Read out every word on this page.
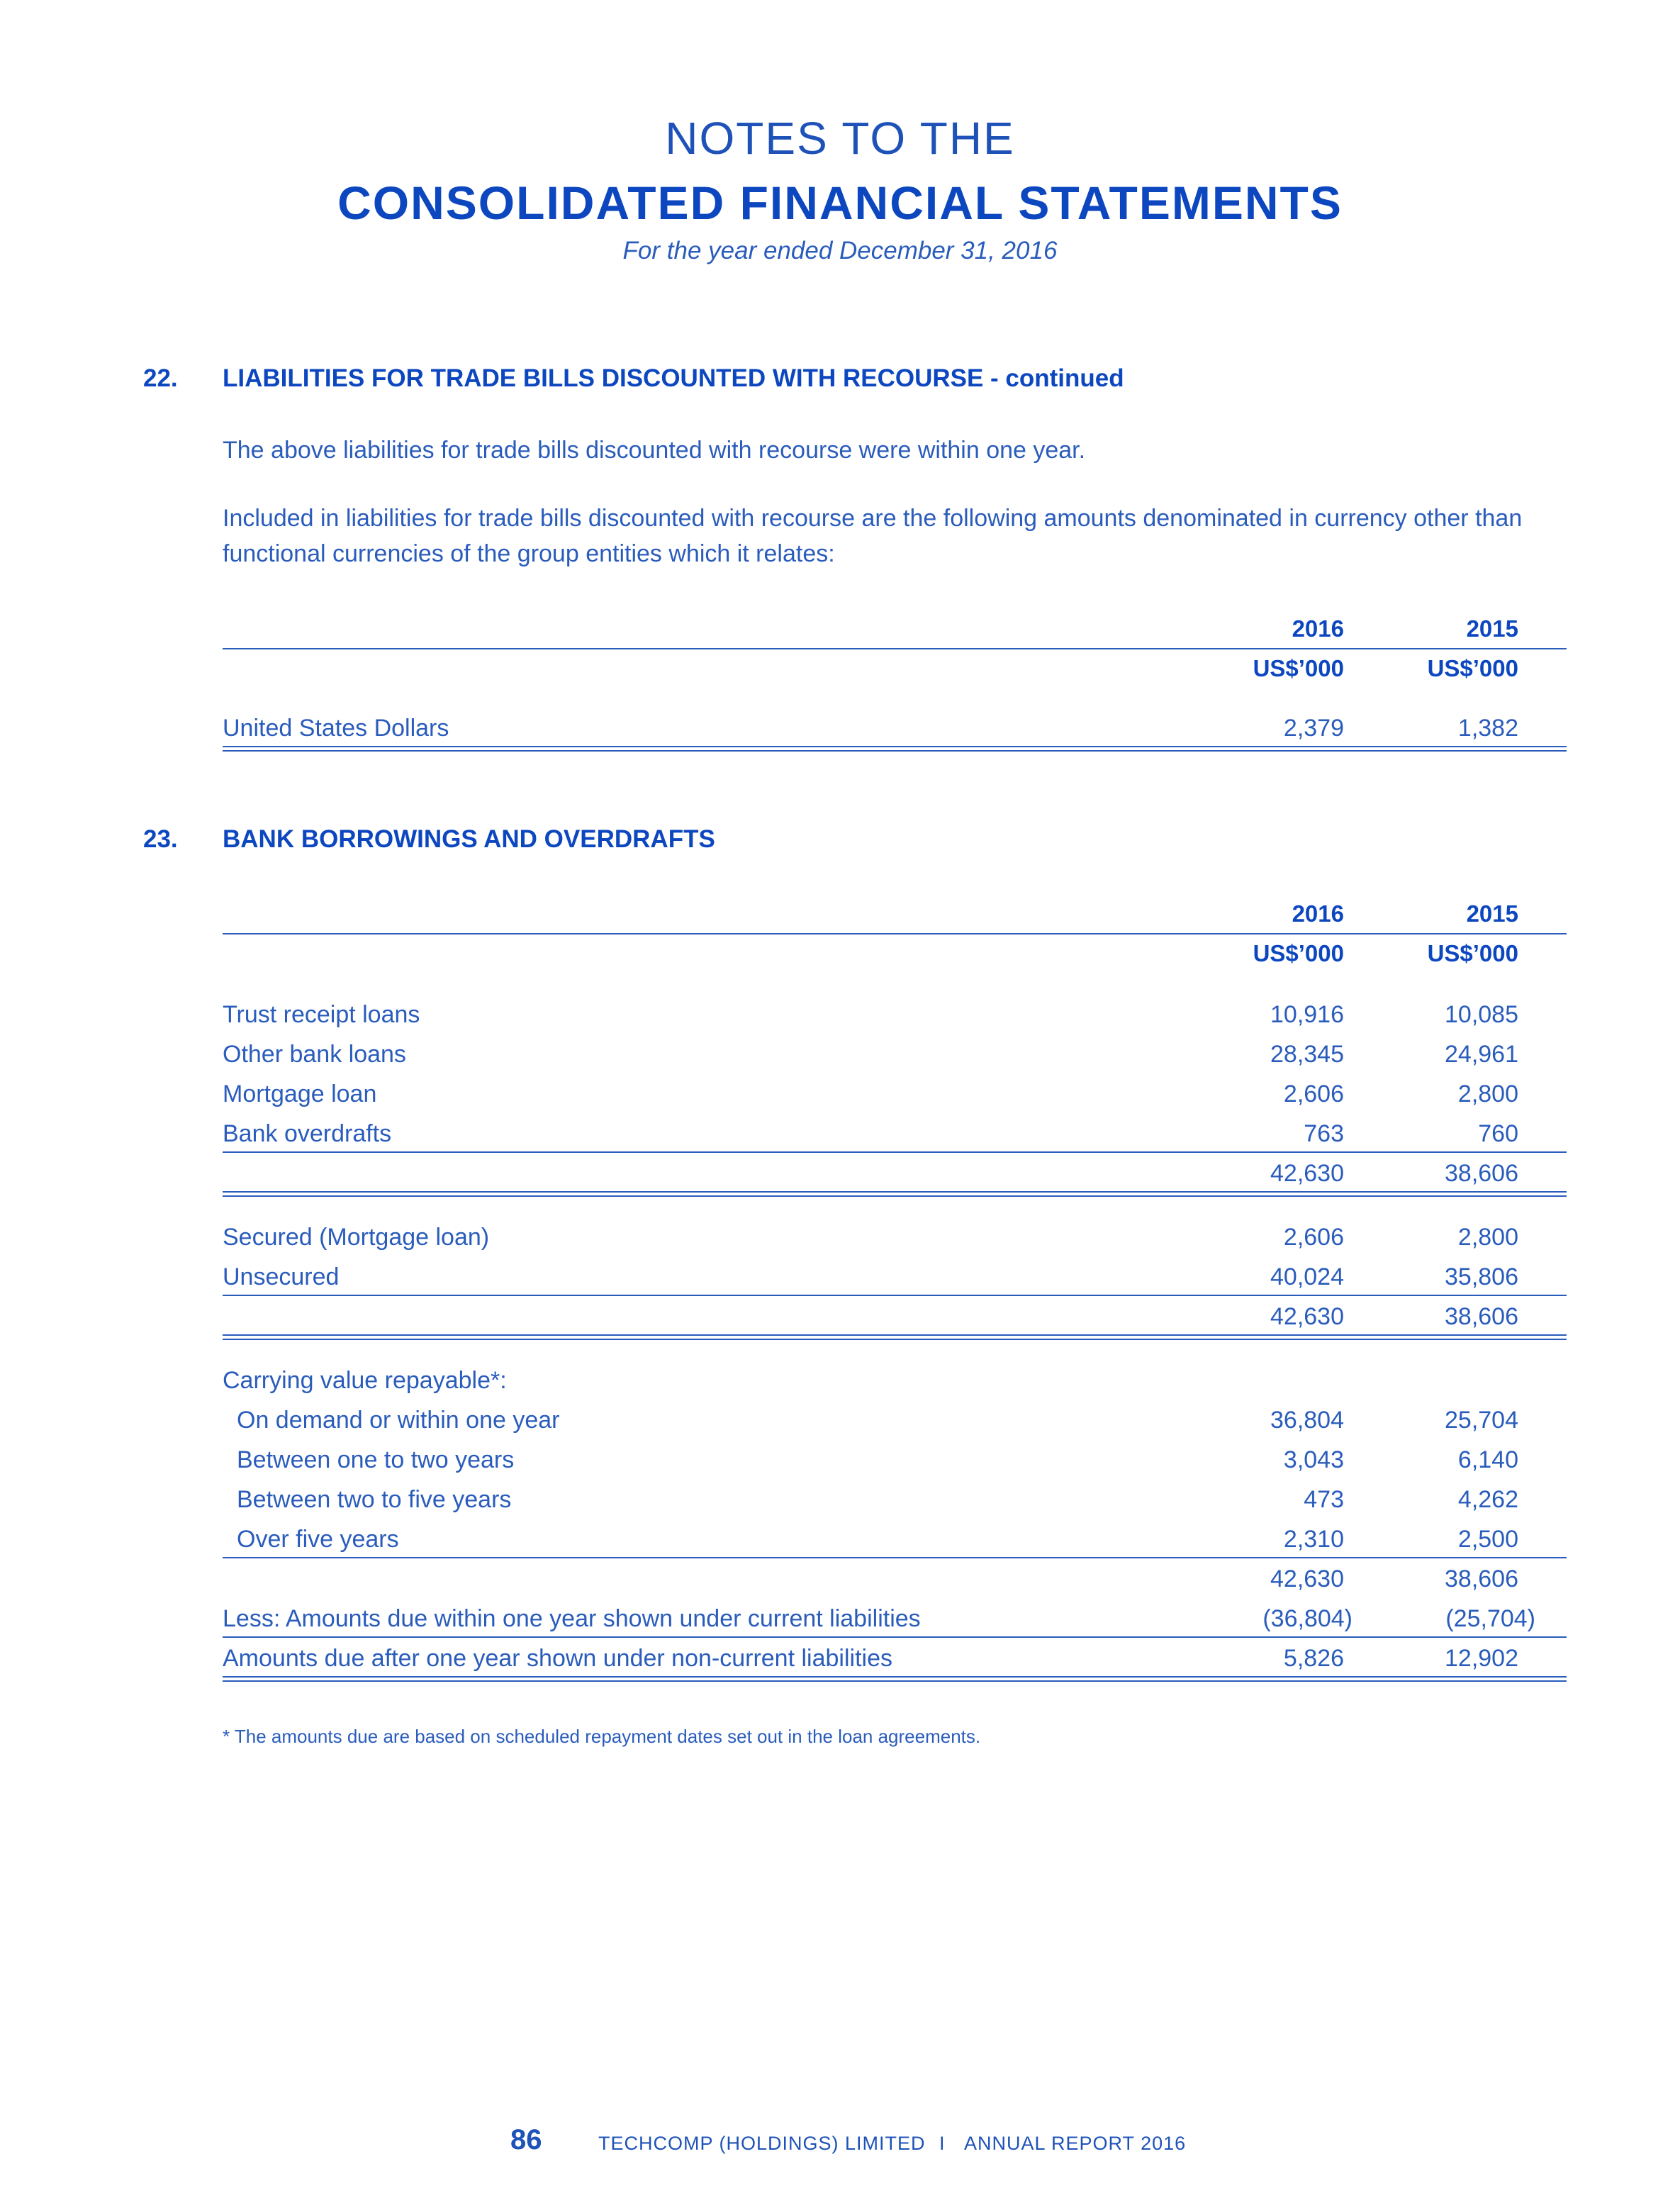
NOTES TO THE
CONSOLIDATED FINANCIAL STATEMENTS
For the year ended December 31, 2016
22. LIABILITIES FOR TRADE BILLS DISCOUNTED WITH RECOURSE - continued
The above liabilities for trade bills discounted with recourse were within one year.
Included in liabilities for trade bills discounted with recourse are the following amounts denominated in currency other than functional currencies of the group entities which it relates:
2016	2015
US$’000	US$’000
United States Dollars	2,379	1,382
23. BANK BORROWINGS AND OVERDRAFTS
2016	2015
US$’000	US$’000
Trust receipt loans	10,916	10,085
Other bank loans	28,345	24,961
Mortgage loan	2,606	2,800
Bank overdrafts	763	760
42,630	38,606
Secured (Mortgage loan)	2,606	2,800
Unsecured	40,024	35,806
42,630	38,606
Carrying value repayable*:
On demand or within one year	36,804	25,704
Between one to two years	3,043	6,140
Between two to five years	473	4,262
Over five years	2,310	2,500
42,630	38,606
Less: Amounts due within one year shown under current liabilities	(36,804)	(25,704)
Amounts due after one year shown under non-current liabilities	5,826	12,902
* The amounts due are based on scheduled repayment dates set out in the loan agreements.
86	TECHCOMP (HOLDINGS) LIMITED I ANNUAL REPORT 2016
